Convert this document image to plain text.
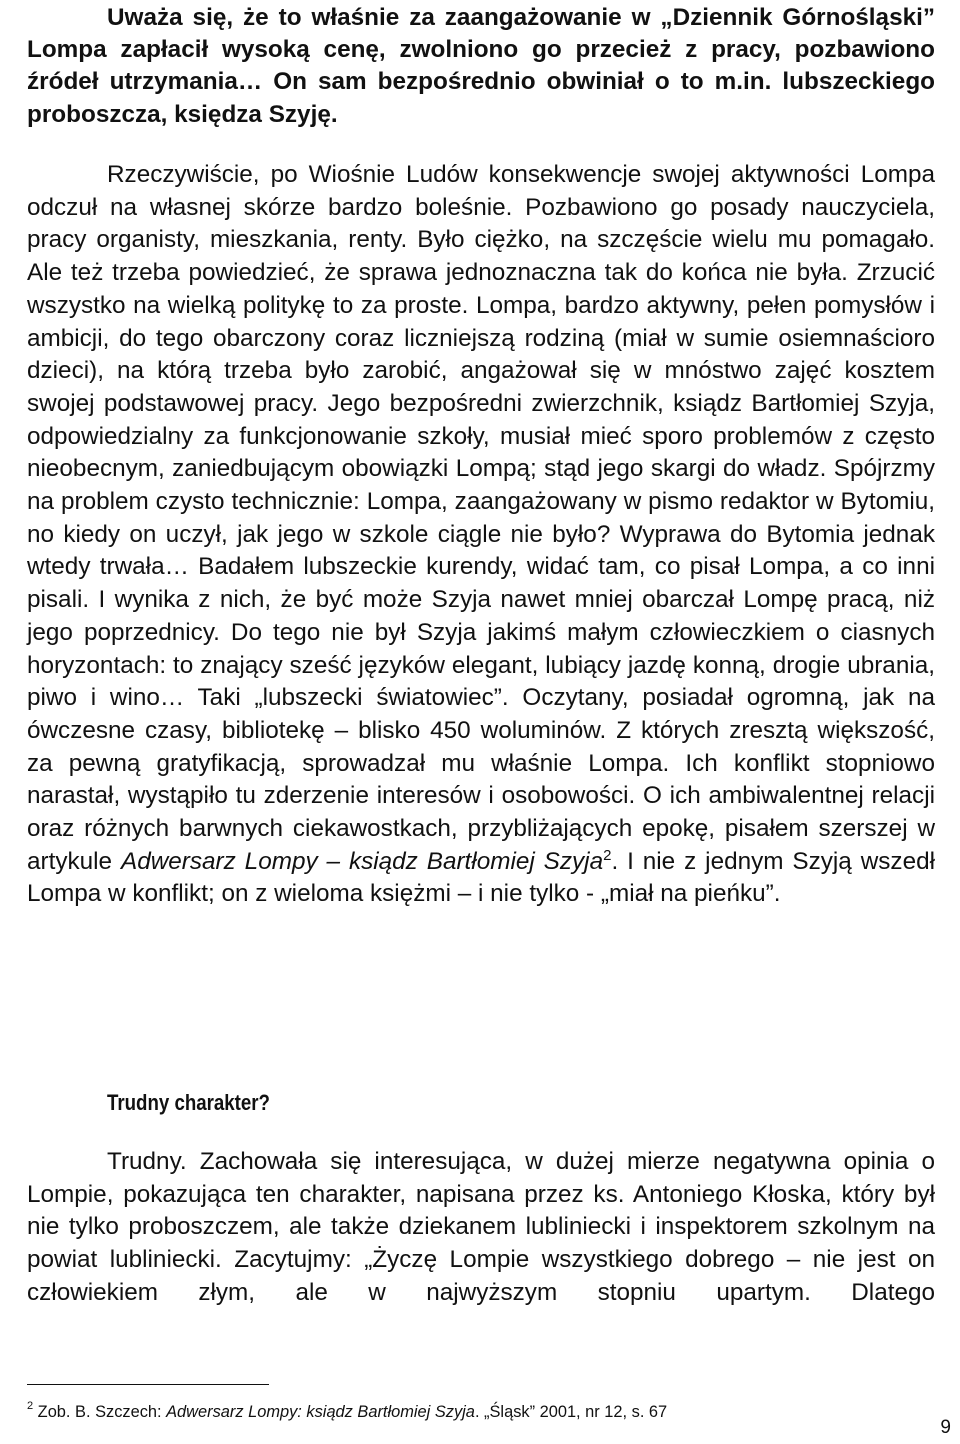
Uważa się, że to właśnie za zaangażowanie w „Dziennik Górnośląski” Lompa zapłacił wysoką cenę, zwolniono go przecież z pracy, pozbawiono źródeł utrzymania… On sam bezpośrednio obwiniał o to m.in. lubszeckiego proboszcza, księdza Szyję.

Rzeczywiście, po Wiośnie Ludów konsekwencje swojej aktywności Lompa odczuł na własnej skórze bardzo boleśnie. Pozbawiono go posady nauczyciela, pracy organisty, mieszkania, renty. Było ciężko, na szczęście wielu mu pomagało. Ale też trzeba powiedzieć, że sprawa jednoznaczna tak do końca nie była. Zrzucić wszystko na wielką politykę to za proste. Lompa, bardzo aktywny, pełen pomysłów i ambicji, do tego obarczony coraz liczniejszą rodziną (miał w sumie osiemnaścioro dzieci), na którą trzeba było zarobić, angażował się w mnóstwo zajęć kosztem swojej podstawowej pracy. Jego bezpośredni zwierzchnik, ksiądz Bartłomiej Szyja, odpowiedzialny za funkcjonowanie szkoły, musiał mieć sporo problemów z często nieobecnym, zaniedbującym obowiązki Lompą; stąd jego skargi do władz. Spójrzmy na problem czysto technicznie: Lompa, zaangażowany w pismo redaktor w Bytomiu, no kiedy on uczył, jak jego w szkole ciągle nie było? Wyprawa do Bytomia jednak wtedy trwała… Badałem lubszeckie kurendy, widać tam, co pisał Lompa, a co inni pisali. I wynika z nich, że być może Szyja nawet mniej obarczał Lompę pracą, niż jego poprzednicy. Do tego nie był Szyja jakimś małym człowieczkiem o ciasnych horyzontach: to znający sześć języków elegant, lubiący jazdę konną, drogie ubrania, piwo i wino… Taki „lubszecki światowiec”. Oczytany, posiadał ogromną, jak na ówczesne czasy, bibliotekę – blisko 450 woluminów. Z których zresztą większość, za pewną gratyfikacją, sprowadzał mu właśnie Lompa. Ich konflikt stopniowo narastał, wystąpiło tu zderzenie interesów i osobowości. O ich ambiwalentnej relacji oraz różnych barwnych ciekawostkach, przybliżających epokę, pisałem szerszej w artykule Adwersarz Lompy – ksiądz Bartłomiej Szyja$^2$. I nie z jednym Szyją wszedł Lompa w konflikt; on z wieloma księżmi – i nie tylko - „miał na pieńku”.

Trudny charakter?

Trudny. Zachowała się interesująca, w dużej mierze negatywna opinia o Lompie, pokazująca ten charakter, napisana przez ks. Antoniego Kłoska, który był nie tylko proboszczem, ale także dziekanem lubliniecki i inspektorem szkolnym na powiat lubliniecki. Zacytujmy: „Życzę Lompie wszystkiego dobrego – nie jest on człowiekiem złym, ale w najwyższym stopniu upartym. Dlatego

$^2$ Zob. B. Szczech: Adwersarz Lompy: ksiądz Bartłomiej Szyja. „Śląsk” 2001, nr 12, s. 67
9
